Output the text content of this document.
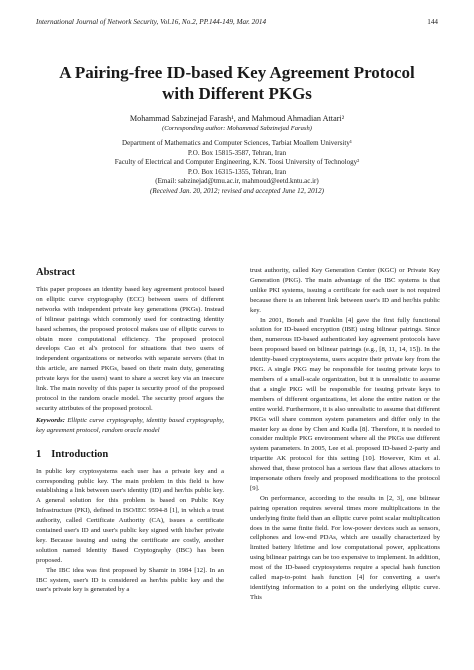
International Journal of Network Security, Vol.16, No.2, PP.144-149, Mar. 2014	144
A Pairing-free ID-based Key Agreement Protocol
with Different PKGs
Mohammad Sabzinejad Farash¹, and Mahmoud Ahmadian Attari²
(Corresponding author: Mohammad Sabzinejad Farash)
Department of Mathematics and Computer Sciences, Tarbiat Moallem University¹
P.O. Box 15815-3587, Tehran, Iran
Faculty of Electrical and Computer Engineering, K.N. Toosi University of Technology²
P.O. Box 16315-1355, Tehran, Iran
(Email: sabzinejad@tmu.ac.ir, mahmoud@eetd.kntu.ac.ir)
(Received Jan. 20, 2012; revised and accepted June 12, 2012)
Abstract

This paper proposes an identity based key agreement protocol based on elliptic curve cryptography (ECC) between users of different networks with independent private key generations (PKGs). Instead of bilinear pairings which commonly used for contracting identity based schemes, the proposed protocol makes use of elliptic curves to obtain more computational efficiency. The proposed protocol develops Cao et al's protocol for situations that two users of independent organizations or networks with separate servers (that in this article, are named PKGs, based on their main duty, generating private keys for the users) want to share a secret key via an insecure link. The main novelty of this paper is security proof of the proposed protocol in the random oracle model. The security proof argues the security attributes of the proposed protocol.

Keywords: Elliptic curve cryptography, identity based cryptography, key agreement protocol, random oracle model

1 Introduction

In public key cryptosystems each user has a private key and a corresponding public key. The main problem in this field is how establishing a link between user's identity (ID) and her/his public key. A general solution for this problem is based on Public Key Infrastructure (PKI), defined in ISO/IEC 9594-8 [1], in which a trust authority, called Certificate Authority (CA), issues a certificate contained user's ID and user's public key signed with his/her private key. Because issuing and using the certificate are costly, another solution named Identity Based Cryptography (IBC) has been proposed.

The IBC idea was first proposed by Shamir in 1984 [12]. In an IBC system, user's ID is considered as her/his public key and the user's private key is generated by a

trust authority, called Key Generation Center (KGC) or Private Key Generation (PKG). The main advantage of the IBC systems is that unlike PKI systems, issuing a certificate for each user is not required because there is an inherent link between user's ID and her/his public key.

In 2001, Boneh and Franklin [4] gave the first fully functional solution for ID-based encryption (IBE) using bilinear pairings. Since then, numerous ID-based authenticated key agreement protocols have been proposed based on bilinear pairings (e.g., [8, 11, 14, 15]). In the identity-based cryptosystems, users acquire their private key from the PKG. A single PKG may be responsible for issuing private keys to members of a small-scale organization, but it is unrealistic to assume that a single PKG will be responsible for issuing private keys to members of different organizations, let alone the entire nation or the entire world. Furthermore, it is also unrealistic to assume that different PKGs will share common system parameters and differ only in the master key as done by Chen and Kudla [8]. Therefore, it is needed to consider multiple PKG environment where all the PKGs use different system parameters. In 2005, Lee et al. proposed ID-based 2-party and tripartite AK protocol for this setting [10]. However, Kim et al. showed that, these protocol has a serious flaw that allows attackers to impersonate others freely and proposed modifications to the protocol [9].

On performance, according to the results in [2, 3], one bilinear pairing operation requires several times more multiplications in the underlying finite field than an elliptic curve point scalar multiplication does in the same finite field. For low-power devices such as sensors, cellphones and low-end PDAs, which are usually characterized by limited battery lifetime and low computational power, applications using bilinear pairings can be too expensive to implement. In addition, most of the ID-based cryptosystems require a special hash function called map-to-point hash function [4] for converting a user's identifying information to a point on the underlying elliptic curve. This
